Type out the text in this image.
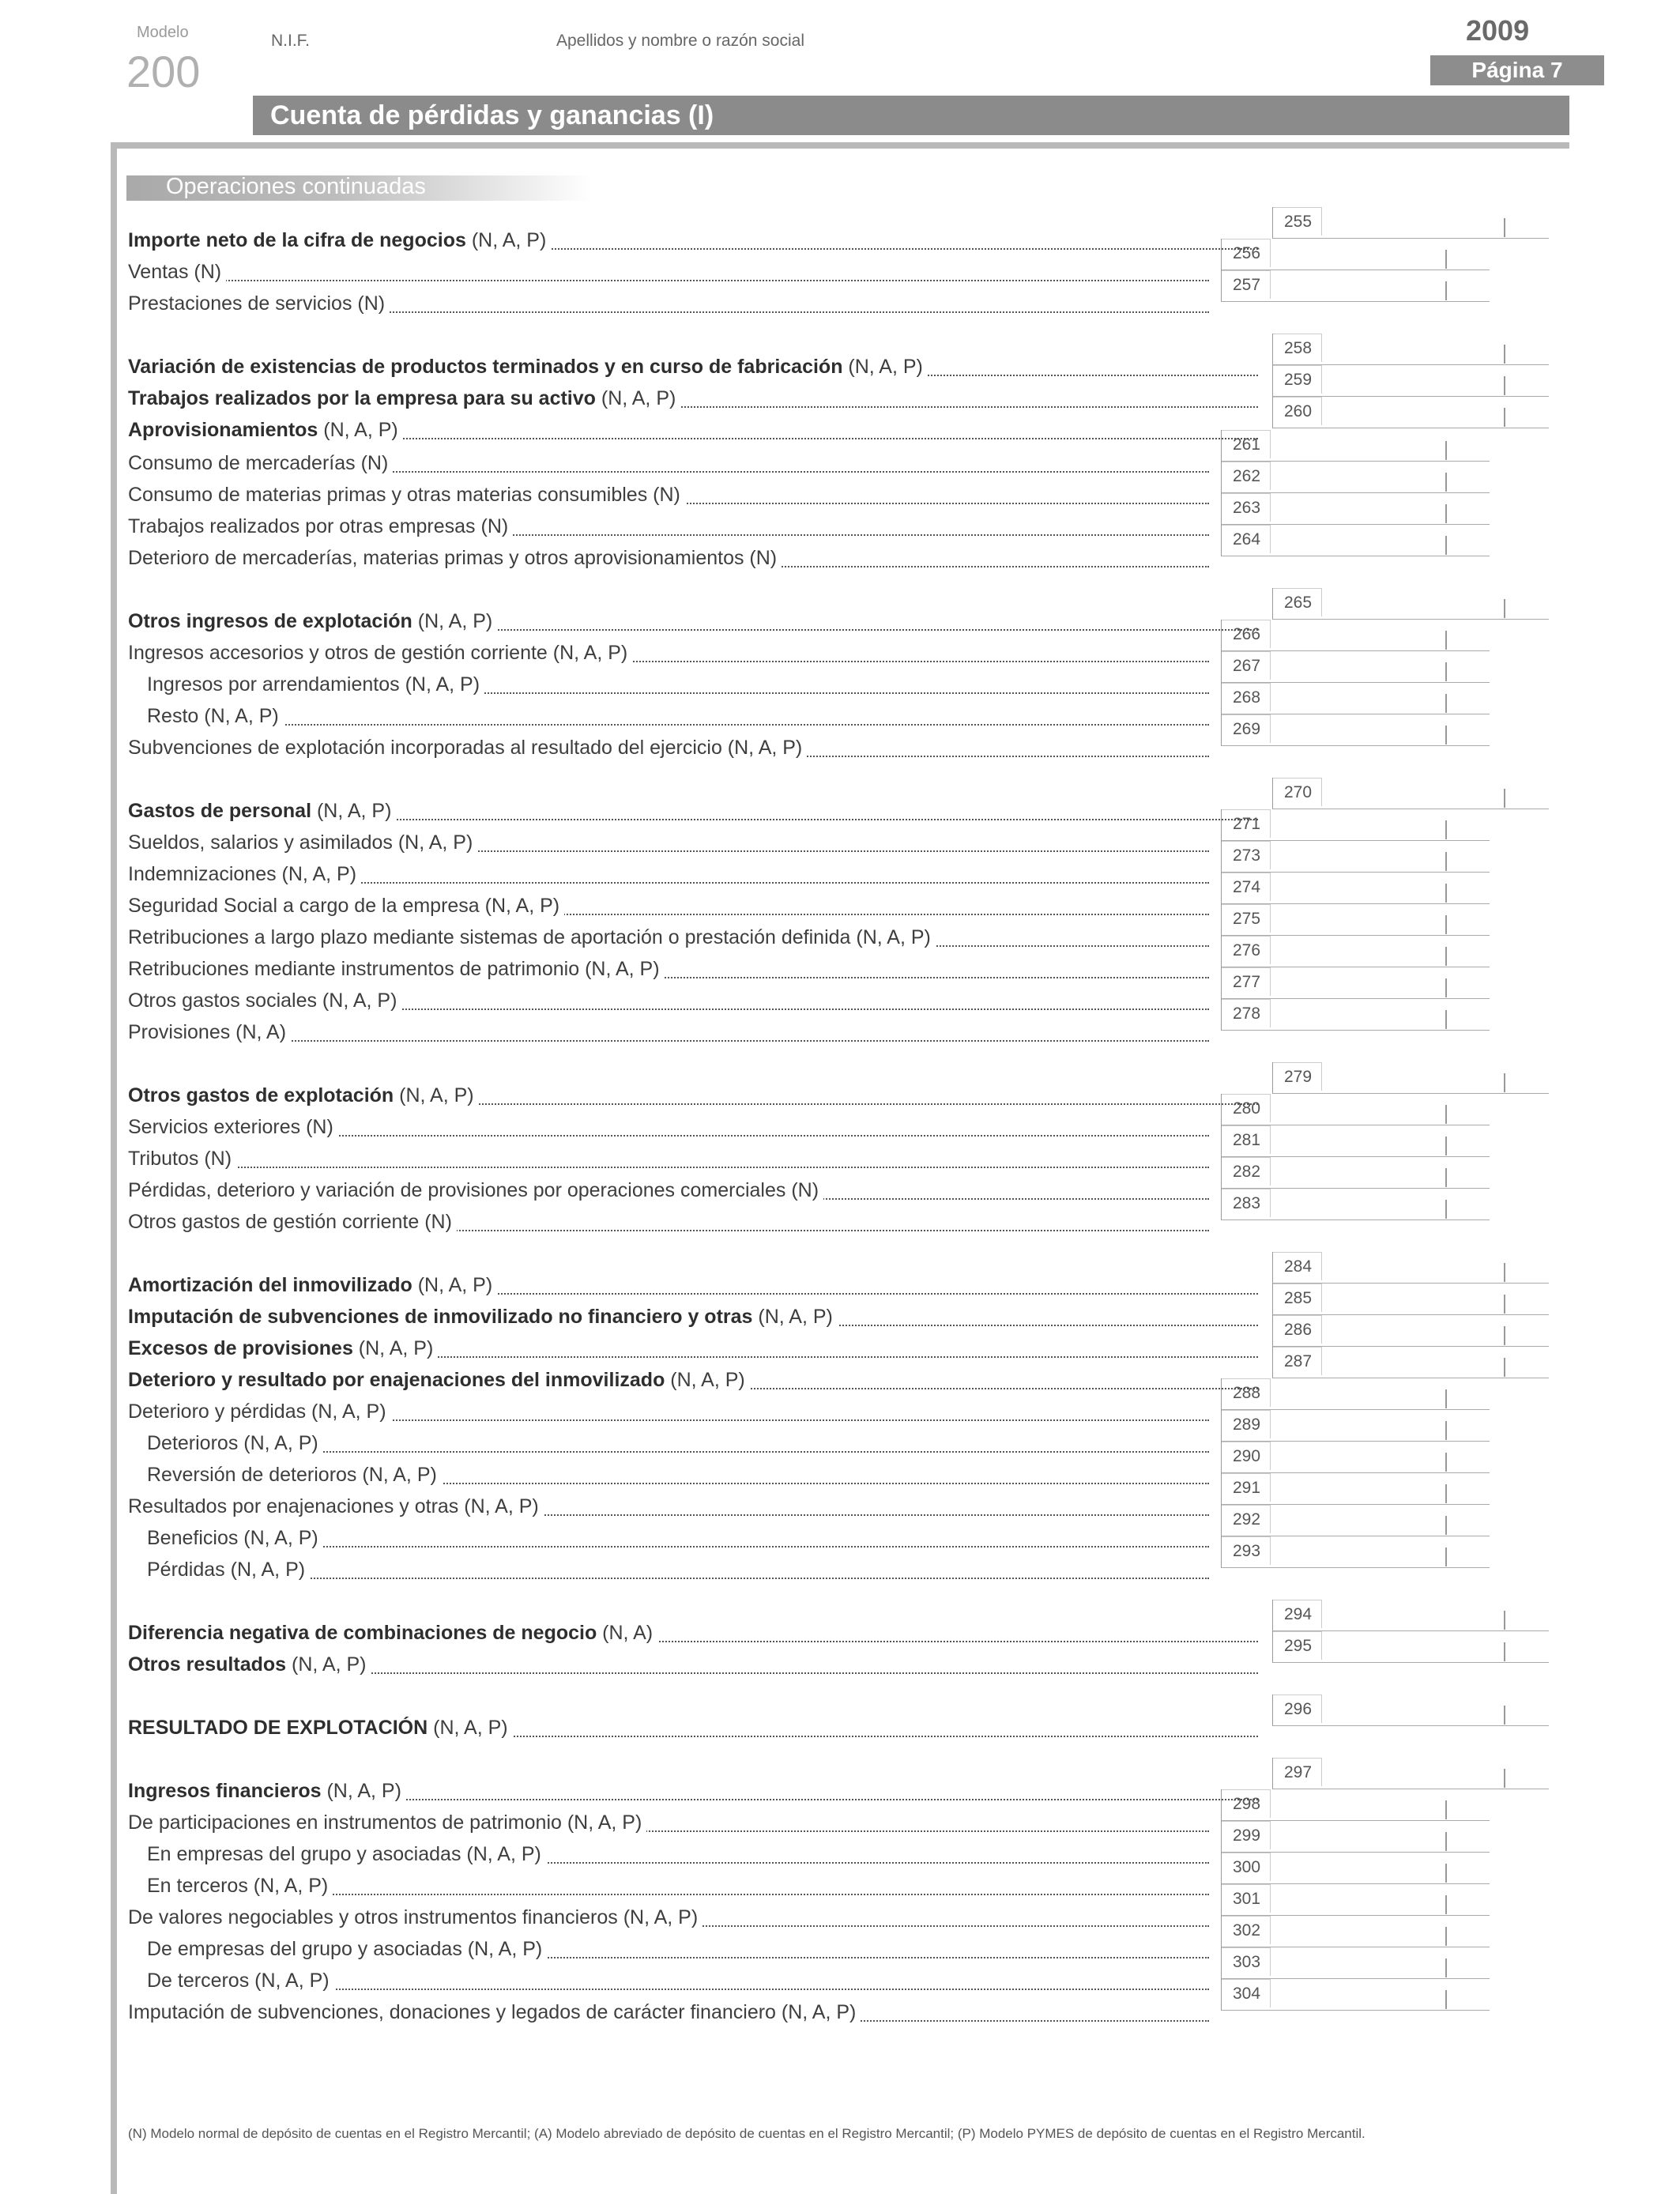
Modelo
200
N.I.F.	Apellidos y nombre o razón social	2009
Página 7
Cuenta de pérdidas y ganancias (I)
Operaciones continuadas
Importe neto de la cifra de negocios (N, A, P)
Ventas (N)
Prestaciones de servicios (N)
Variación de existencias de productos terminados y en curso de fabricación (N, A, P)
Trabajos realizados por la empresa para su activo (N, A, P)
Aprovisionamientos (N, A, P)
Consumo de mercaderías (N)
Consumo de materias primas y otras materias consumibles (N)
Trabajos realizados por otras empresas (N)
Deterioro de mercaderías, materias primas y otros aprovisionamientos (N)
Otros ingresos de explotación (N, A, P)
Ingresos accesorios y otros de gestión corriente (N, A, P)
Ingresos por arrendamientos (N, A, P)
Resto (N, A, P)
Subvenciones de explotación incorporadas al resultado del ejercicio (N, A, P)
Gastos de personal (N, A, P)
Sueldos, salarios y asimilados (N, A, P)
Indemnizaciones (N, A, P)
Seguridad Social a cargo de la empresa (N, A, P)
Retribuciones a largo plazo mediante sistemas de aportación o prestación definida (N, A, P)
Retribuciones mediante instrumentos de patrimonio (N, A, P)
Otros gastos sociales (N, A, P)
Provisiones (N, A)
Otros gastos de explotación (N, A, P)
Servicios exteriores (N)
Tributos (N)
Pérdidas, deterioro y variación de provisiones por operaciones comerciales (N)
Otros gastos de gestión corriente (N)
Amortización del inmovilizado (N, A, P)
Imputación de subvenciones de inmovilizado no financiero y otras (N, A, P)
Excesos de provisiones (N, A, P)
Deterioro y resultado por enajenaciones del inmovilizado (N, A, P)
Deterioro y pérdidas (N, A, P)
Deterioros (N, A, P)
Reversión de deterioros (N, A, P)
Resultados por enajenaciones y otras (N, A, P)
Beneficios (N, A, P)
Pérdidas (N, A, P)
Diferencia negativa de combinaciones de negocio (N, A)
Otros resultados (N, A, P)
RESULTADO DE EXPLOTACIÓN (N, A, P)
Ingresos financieros (N, A, P)
De participaciones en instrumentos de patrimonio (N, A, P)
En empresas del grupo y asociadas (N, A, P)
En terceros (N, A, P)
De valores negociables y otros instrumentos financieros (N, A, P)
De empresas del grupo y asociadas (N, A, P)
De terceros (N, A, P)
Imputación de subvenciones, donaciones y legados de carácter financiero (N, A, P)
(N) Modelo normal de depósito de cuentas en el Registro Mercantil; (A) Modelo abreviado de depósito de cuentas en el Registro Mercantil; (P) Modelo PYMES de depósito de cuentas en el Registro Mercantil.
255
256
257
258
259
260
261
262
263
264
265
266
267
268
269
270
271
273
274
275
276
277
278
279
280
281
282
283
284
285
286
287
288
289
290
291
292
293
294
295
296
297
298
299
300
301
302
303
304
